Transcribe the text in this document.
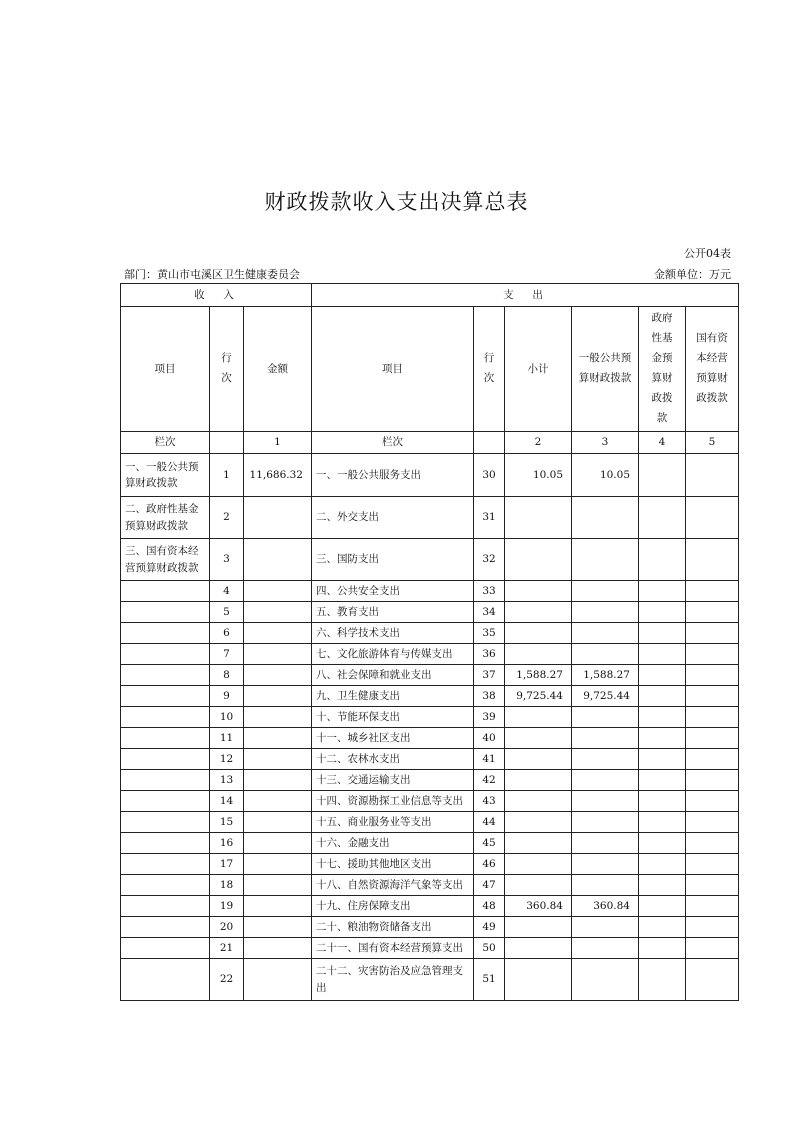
财政拨款收入支出决算总表
公开04表
部门：黄山市屯溪区卫生健康委员会	金额单位：万元
收  入			支  出					
项目	行次	金额	项目	行次	小计	一般公共预算财政拨款	政府性基金预算财政拨款	国有资本经营预算财政拨款
栏次		1	栏次		2	3	4	5
一、一般公共预算财政拨款	1	11,686.32	一、一般公共服务支出	30	10.05	10.05		
二、政府性基金预算财政拨款	2		二、外交支出	31				
三、国有资本经营预算财政拨款	3		三、国防支出	32				
	4		四、公共安全支出	33				
	5		五、教育支出	34				
	6		六、科学技术支出	35				
	7		七、文化旅游体育与传媒支出	36				
	8		八、社会保障和就业支出	37	1,588.27	1,588.27		
	9		九、卫生健康支出	38	9,725.44	9,725.44		
	10		十、节能环保支出	39				
	11		十一、城乡社区支出	40				
	12		十二、农林水支出	41				
	13		十三、交通运输支出	42				
	14		十四、资源勘探工业信息等支出	43				
	15		十五、商业服务业等支出	44				
	16		十六、金融支出	45				
	17		十七、援助其他地区支出	46				
	18		十八、自然资源海洋气象等支出	47				
	19		十九、住房保障支出	48	360.84	360.84		
	20		二十、粮油物资储备支出	49				
	21		二十一、国有资本经营预算支出	50				
	22		二十二、灾害防治及应急管理支出	51				
